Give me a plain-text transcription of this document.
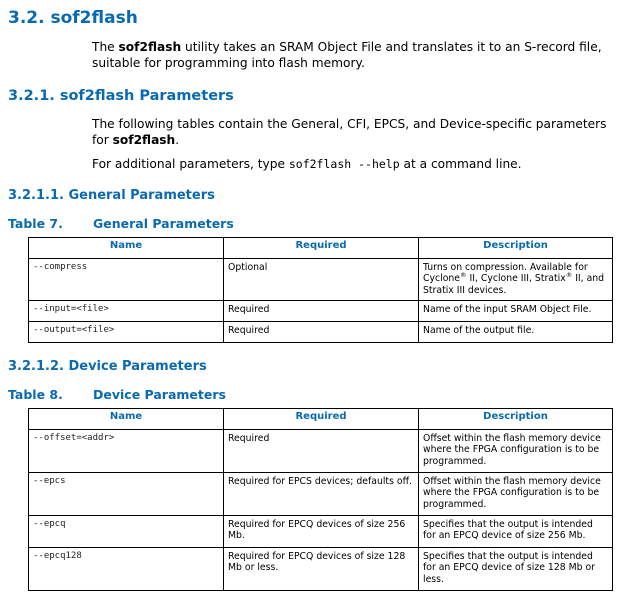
3.2. sof2flash

The sof2flash utility takes an SRAM Object File and translates it to an S-record file, suitable for programming into flash memory.

3.2.1. sof2flash Parameters

The following tables contain the General, CFI, EPCS, and Device-specific parameters for sof2flash.

For additional parameters, type sof2flash --help at a command line.

3.2.1.1. General Parameters
Table 7. General Parameters
Name	Required	Description
--compress	Optional	Turns on compression. Available for Cyclone® II, Cyclone III, Stratix® II, and Stratix III devices.
--input=<file>	Required	Name of the input SRAM Object File.
--output=<file>	Required	Name of the output file.
3.2.1.2. Device Parameters
Table 8. Device Parameters
Name	Required	Description
--offset=<addr>	Required	Offset within the flash memory device where the FPGA configuration is to be programmed.
--epcs	Required for EPCS devices; defaults off.	Offset within the flash memory device where the FPGA configuration is to be programmed.
--epcq	Required for EPCQ devices of size 256 Mb.	Specifies that the output is intended for an EPCQ device of size 256 Mb.
--epcq128	Required for EPCQ devices of size 128 Mb or less.	Specifies that the output is intended for an EPCQ device of size 128 Mb or less.
